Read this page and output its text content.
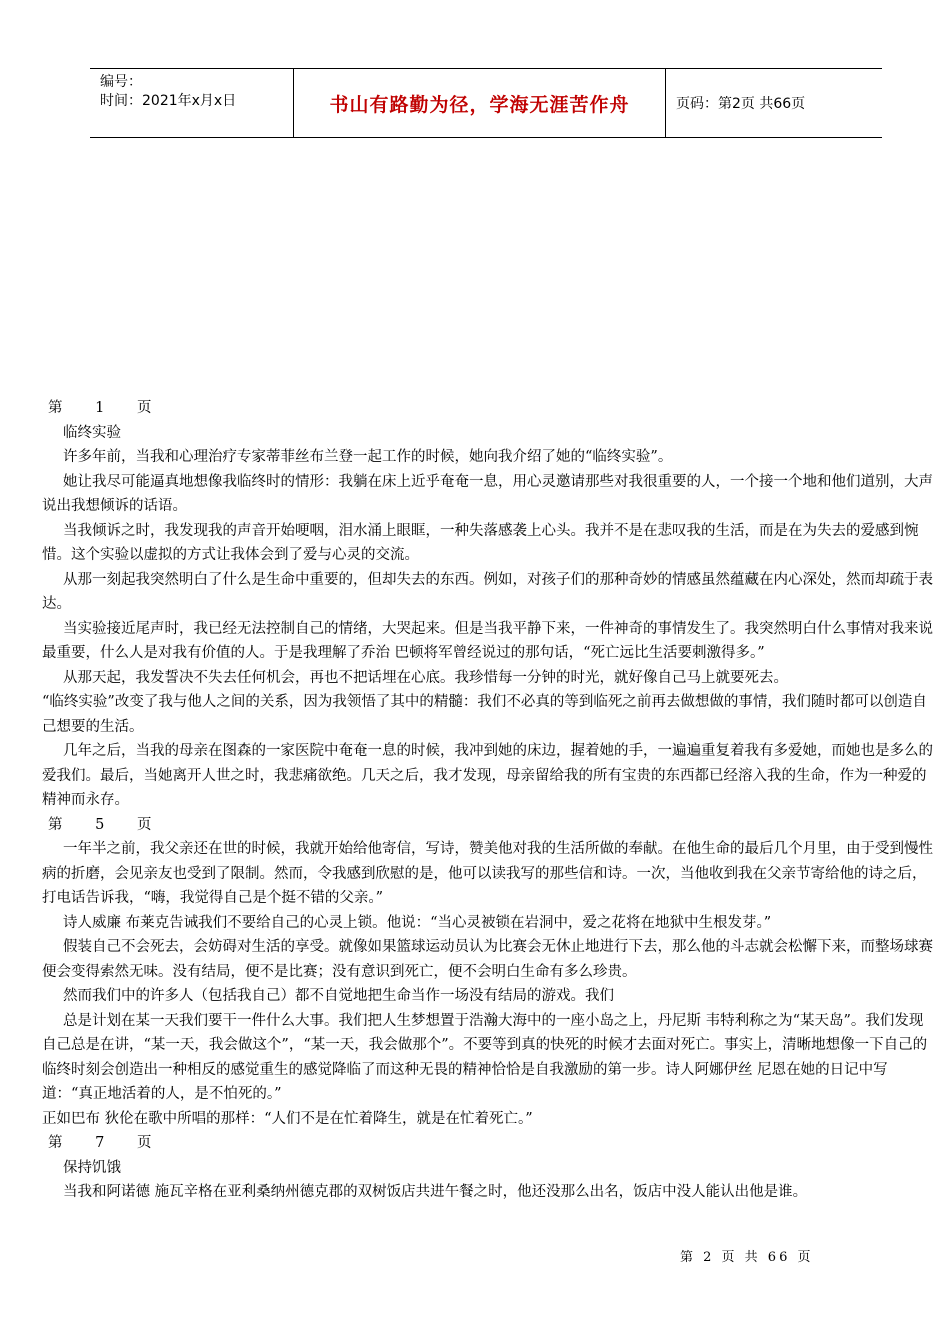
编号：
时间：2021年x月x日	书山有路勤为径，学海无涯苦作舟	页码：第2页 共66页

第 1 页

临终实验

许多年前，当我和心理治疗专家蒂菲丝布兰登一起工作的时候，她向我介绍了她的“临终实验”。

她让我尽可能逼真地想像我临终时的情形：我躺在床上近乎奄奄一息，用心灵邀请那些对我很重要的人，一个接一个地和他们道别，大声说出我想倾诉的话语。

当我倾诉之时，我发现我的声音开始哽咽，泪水涌上眼眶，一种失落感袭上心头。我并不是在悲叹我的生活，而是在为失去的爱感到惋惜。这个实验以虚拟的方式让我体会到了爱与心灵的交流。

从那一刻起我突然明白了什么是生命中重要的，但却失去的东西。例如，对孩子们的那种奇妙的情感虽然蕴藏在内心深处，然而却疏于表达。

当实验接近尾声时，我已经无法控制自己的情绪，大哭起来。但是当我平静下来，一件神奇的事情发生了。我突然明白什么事情对我来说最重要，什么人是对我有价值的人。于是我理解了乔治 巴顿将军曾经说过的那句话，“死亡远比生活要刺激得多。”

从那天起，我发誓决不失去任何机会，再也不把话埋在心底。我珍惜每一分钟的时光，就好像自己马上就要死去。

“临终实验”改变了我与他人之间的关系，因为我领悟了其中的精髓：我们不必真的等到临死之前再去做想做的事情，我们随时都可以创造自己想要的生活。

几年之后，当我的母亲在图森的一家医院中奄奄一息的时候，我冲到她的床边，握着她的手，一遍遍重复着我有多爱她，而她也是多么的爱我们。最后，当她离开人世之时，我悲痛欲绝。几天之后，我才发现，母亲留给我的所有宝贵的东西都已经溶入我的生命，作为一种爱的精神而永存。

第 5 页

一年半之前，我父亲还在世的时候，我就开始给他寄信，写诗，赞美他对我的生活所做的奉献。在他生命的最后几个月里，由于受到慢性病的折磨，会见亲友也受到了限制。然而，令我感到欣慰的是，他可以读我写的那些信和诗。一次，当他收到我在父亲节寄给他的诗之后，打电话告诉我，“嗨，我觉得自己是个挺不错的父亲。”

诗人威廉 布莱克告诫我们不要给自己的心灵上锁。他说：“当心灵被锁在岩洞中，爱之花将在地狱中生根发芽。”

假装自己不会死去，会妨碍对生活的享受。就像如果篮球运动员认为比赛会无休止地进行下去，那么他的斗志就会松懈下来，而整场球赛便会变得索然无味。没有结局，便不是比赛；没有意识到死亡，便不会明白生命有多么珍贵。

然而我们中的许多人（包括我自己）都不自觉地把生命当作一场没有结局的游戏。我们

总是计划在某一天我们要干一件什么大事。我们把人生梦想置于浩瀚大海中的一座小岛之上，丹尼斯 韦特利称之为“某天岛”。我们发现自己总是在讲，“某一天，我会做这个”，“某一天，我会做那个”。不要等到真的快死的时候才去面对死亡。事实上，清晰地想像一下自己的临终时刻会创造出一种相反的感觉重生的感觉降临了而这种无畏的精神恰恰是自我激励的第一步。诗人阿娜伊丝 尼恩在她的日记中写道：“真正地活着的人，是不怕死的。”

正如巴布 狄伦在歌中所唱的那样：“人们不是在忙着降生，就是在忙着死亡。”

第 7 页

保持饥饿

当我和阿诺德 施瓦辛格在亚利桑纳州德克郡的双树饭店共进午餐之时，他还没那么出名，饭店中没人能认出他是谁。

第 2 页 共 66 页
